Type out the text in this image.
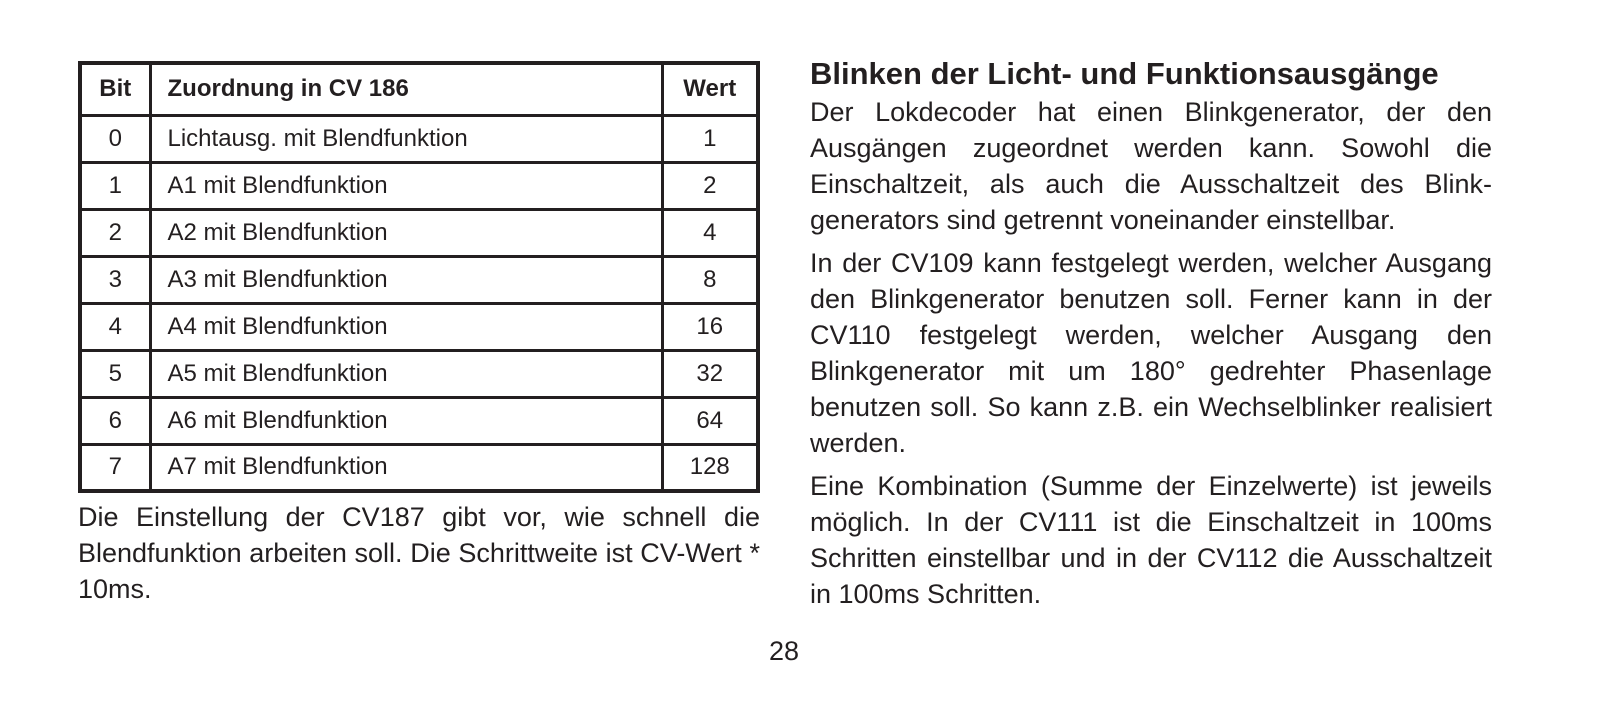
Bit	Zuordnung in CV 186	Wert
0	Lichtausg. mit Blendfunktion	1
1	A1 mit Blendfunktion	2
2	A2 mit Blendfunktion	4
3	A3 mit Blendfunktion	8
4	A4 mit Blendfunktion	16
5	A5 mit Blendfunktion	32
6	A6 mit Blendfunktion	64
7	A7 mit Blendfunktion	128

Die Einstellung der CV187 gibt vor, wie schnell die Blendfunktion arbeiten soll. Die Schrittweite ist CV-Wert * 10ms.

Blinken der Licht- und Funktionsausgänge

Der Lokdecoder hat einen Blinkgenerator, der den Ausgängen zugeordnet werden kann. Sowohl die Einschaltzeit, als auch die Ausschaltzeit des Blinkgenerators sind getrennt voneinander einstellbar.

In der CV109 kann festgelegt werden, welcher Ausgang den Blinkgenerator benutzen soll. Ferner kann in der CV110 festgelegt werden, welcher Ausgang den Blinkgenerator mit um 180° gedrehter Phasenlage benutzen soll. So kann z.B. ein Wechselblinker realisiert werden.

Eine Kombination (Summe der Einzelwerte) ist jeweils möglich. In der CV111 ist die Einschaltzeit in 100ms Schritten einstellbar und in der CV112 die Ausschaltzeit in 100ms Schritten.

28
